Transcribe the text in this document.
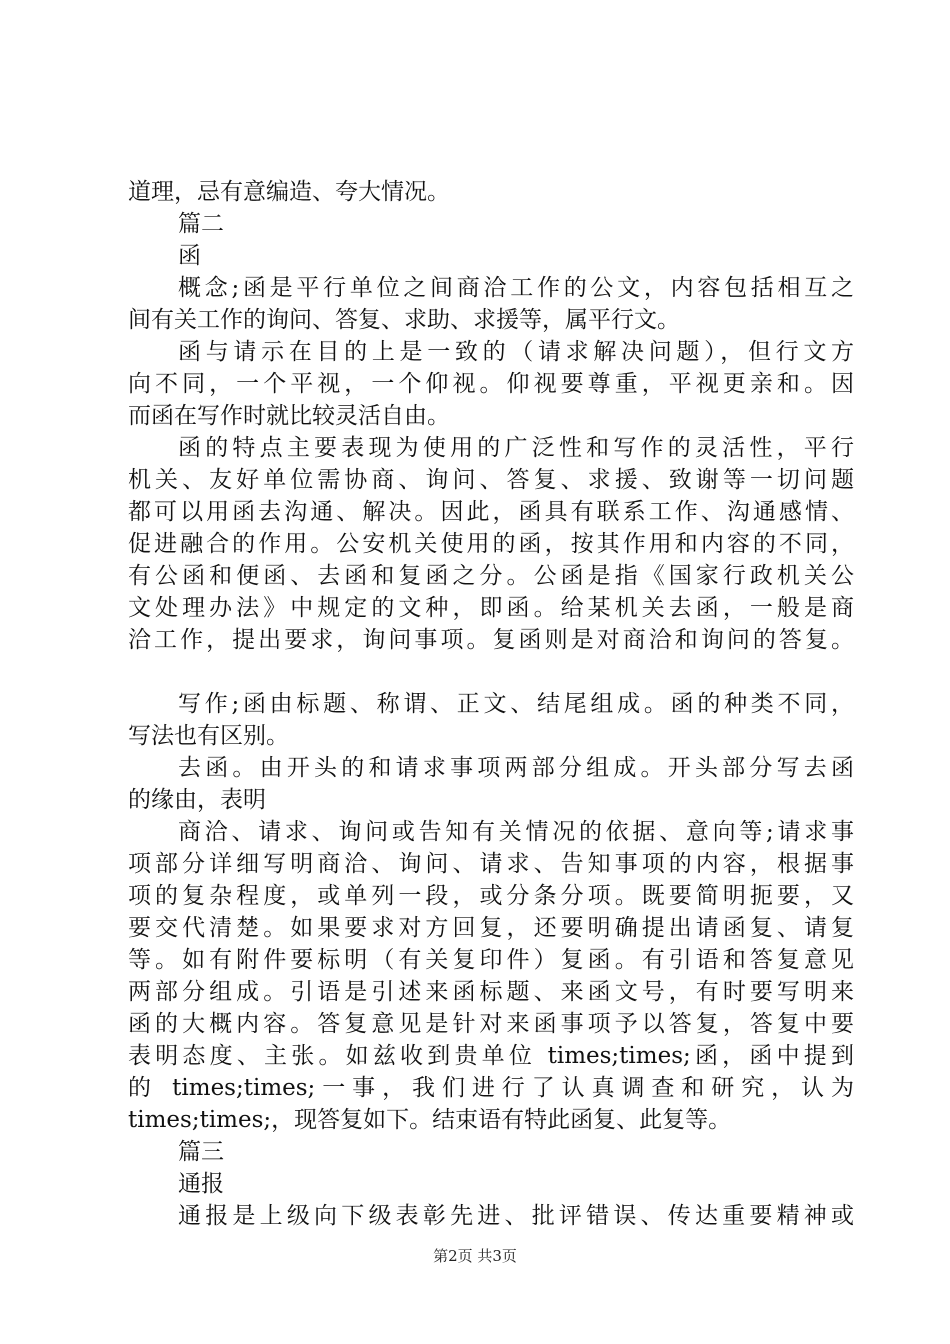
道理，忌有意编造、夸大情况。

篇二

函

概念;函是平行单位之间商洽工作的公文，内容包括相互之

间有关工作的询问、答复、求助、求援等，属平行文。

函与请示在目的上是一致的（请求解决问题），但行文方

向不同，一个平视，一个仰视。仰视要尊重，平视更亲和。因

而函在写作时就比较灵活自由。

函的特点主要表现为使用的广泛性和写作的灵活性，平行

机关、友好单位需协商、询问、答复、求援、致谢等一切问题

都可以用函去沟通、解决。因此，函具有联系工作、沟通感情、

促进融合的作用。公安机关使用的函，按其作用和内容的不同，

有公函和便函、去函和复函之分。公函是指《国家行政机关公

文处理办法》中规定的文种，即函。给某机关去函，一般是商

洽工作，提出要求，询问事项。复函则是对商洽和询问的答复。

写作;函由标题、称谓、正文、结尾组成。函的种类不同，

写法也有区别。

去函。由开头的和请求事项两部分组成。开头部分写去函

的缘由，表明

商洽、请求、询问或告知有关情况的依据、意向等;请求事

项部分详细写明商洽、询问、请求、告知事项的内容，根据事

项的复杂程度，或单列一段，或分条分项。既要简明扼要，又

要交代清楚。如果要求对方回复，还要明确提出请函复、请复

等。如有附件要标明（有关复印件）复函。有引语和答复意见

两部分组成。引语是引述来函标题、来函文号，有时要写明来

函的大概内容。答复意见是针对来函事项予以答复，答复中要

表明态度、主张。如兹收到贵单位 times;times;函，函中提到

的 times;times;一事，我们进行了认真调查和研究，认为

times;times;，现答复如下。结束语有特此函复、此复等。

篇三

通报

通报是上级向下级表彰先进、批评错误、传达重要精神或

第2页 共3页
